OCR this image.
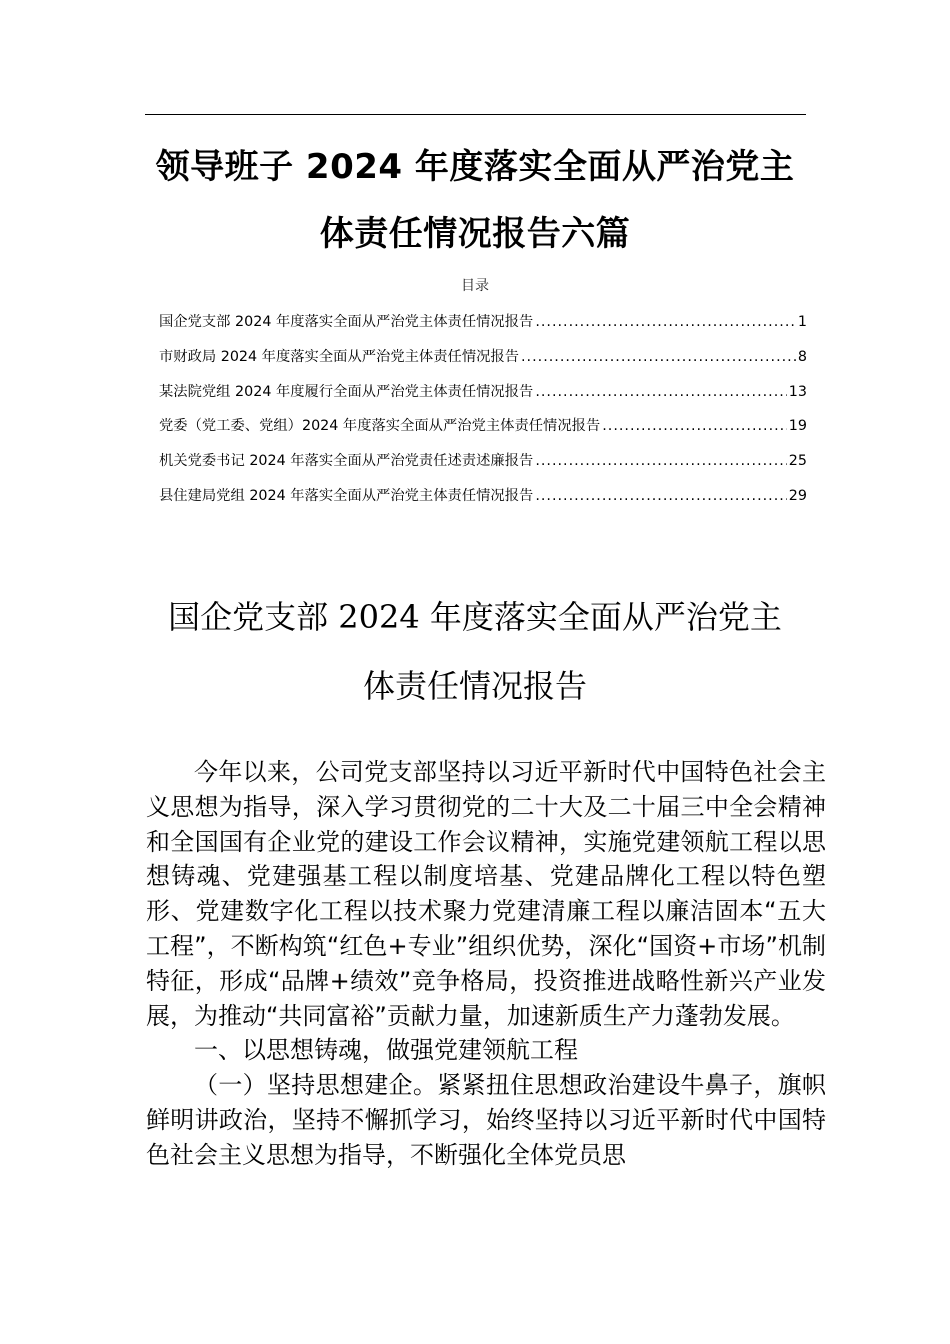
领导班子 2024 年度落实全面从严治党主
体责任情况报告六篇
目录
国企党支部 2024 年度落实全面从严治党主体责任情况报告 .....	1
市财政局 2024 年度落实全面从严治党主体责任情况报告 .....	8
某法院党组 2024 年度履行全面从严治党主体责任情况报告 .....	13
党委（党工委、党组）2024 年度落实全面从严治党主体责任情况报告 .....	19
机关党委书记 2024 年落实全面从严治党责任述责述廉报告 .....	25
县住建局党组 2024 年落实全面从严治党主体责任情况报告 .....	29
国企党支部 2024 年度落实全面从严治党主
体责任情况报告

今年以来，公司党支部坚持以习近平新时代中国特色社会主义思想为指导，深入学习贯彻党的二十大及二十届三中全会精神和全国国有企业党的建设工作会议精神，实施党建领航工程以思想铸魂、党建强基工程以制度培基、党建品牌化工程以特色塑形、党建数字化工程以技术聚力党建清廉工程以廉洁固本“五大工程”，不断构筑“红色+专业”组织优势，深化“国资+市场”机制特征，形成“品牌+绩效”竞争格局，投资推进战略性新兴产业发展，为推动“共同富裕”贡献力量，加速新质生产力蓬勃发展。

一、以思想铸魂，做强党建领航工程

（一）坚持思想建企。紧紧扭住思想政治建设牛鼻子，旗帜鲜明讲政治，坚持不懈抓学习，始终坚持以习近平新时代中国特色社会主义思想为指导，不断强化全体党员思
